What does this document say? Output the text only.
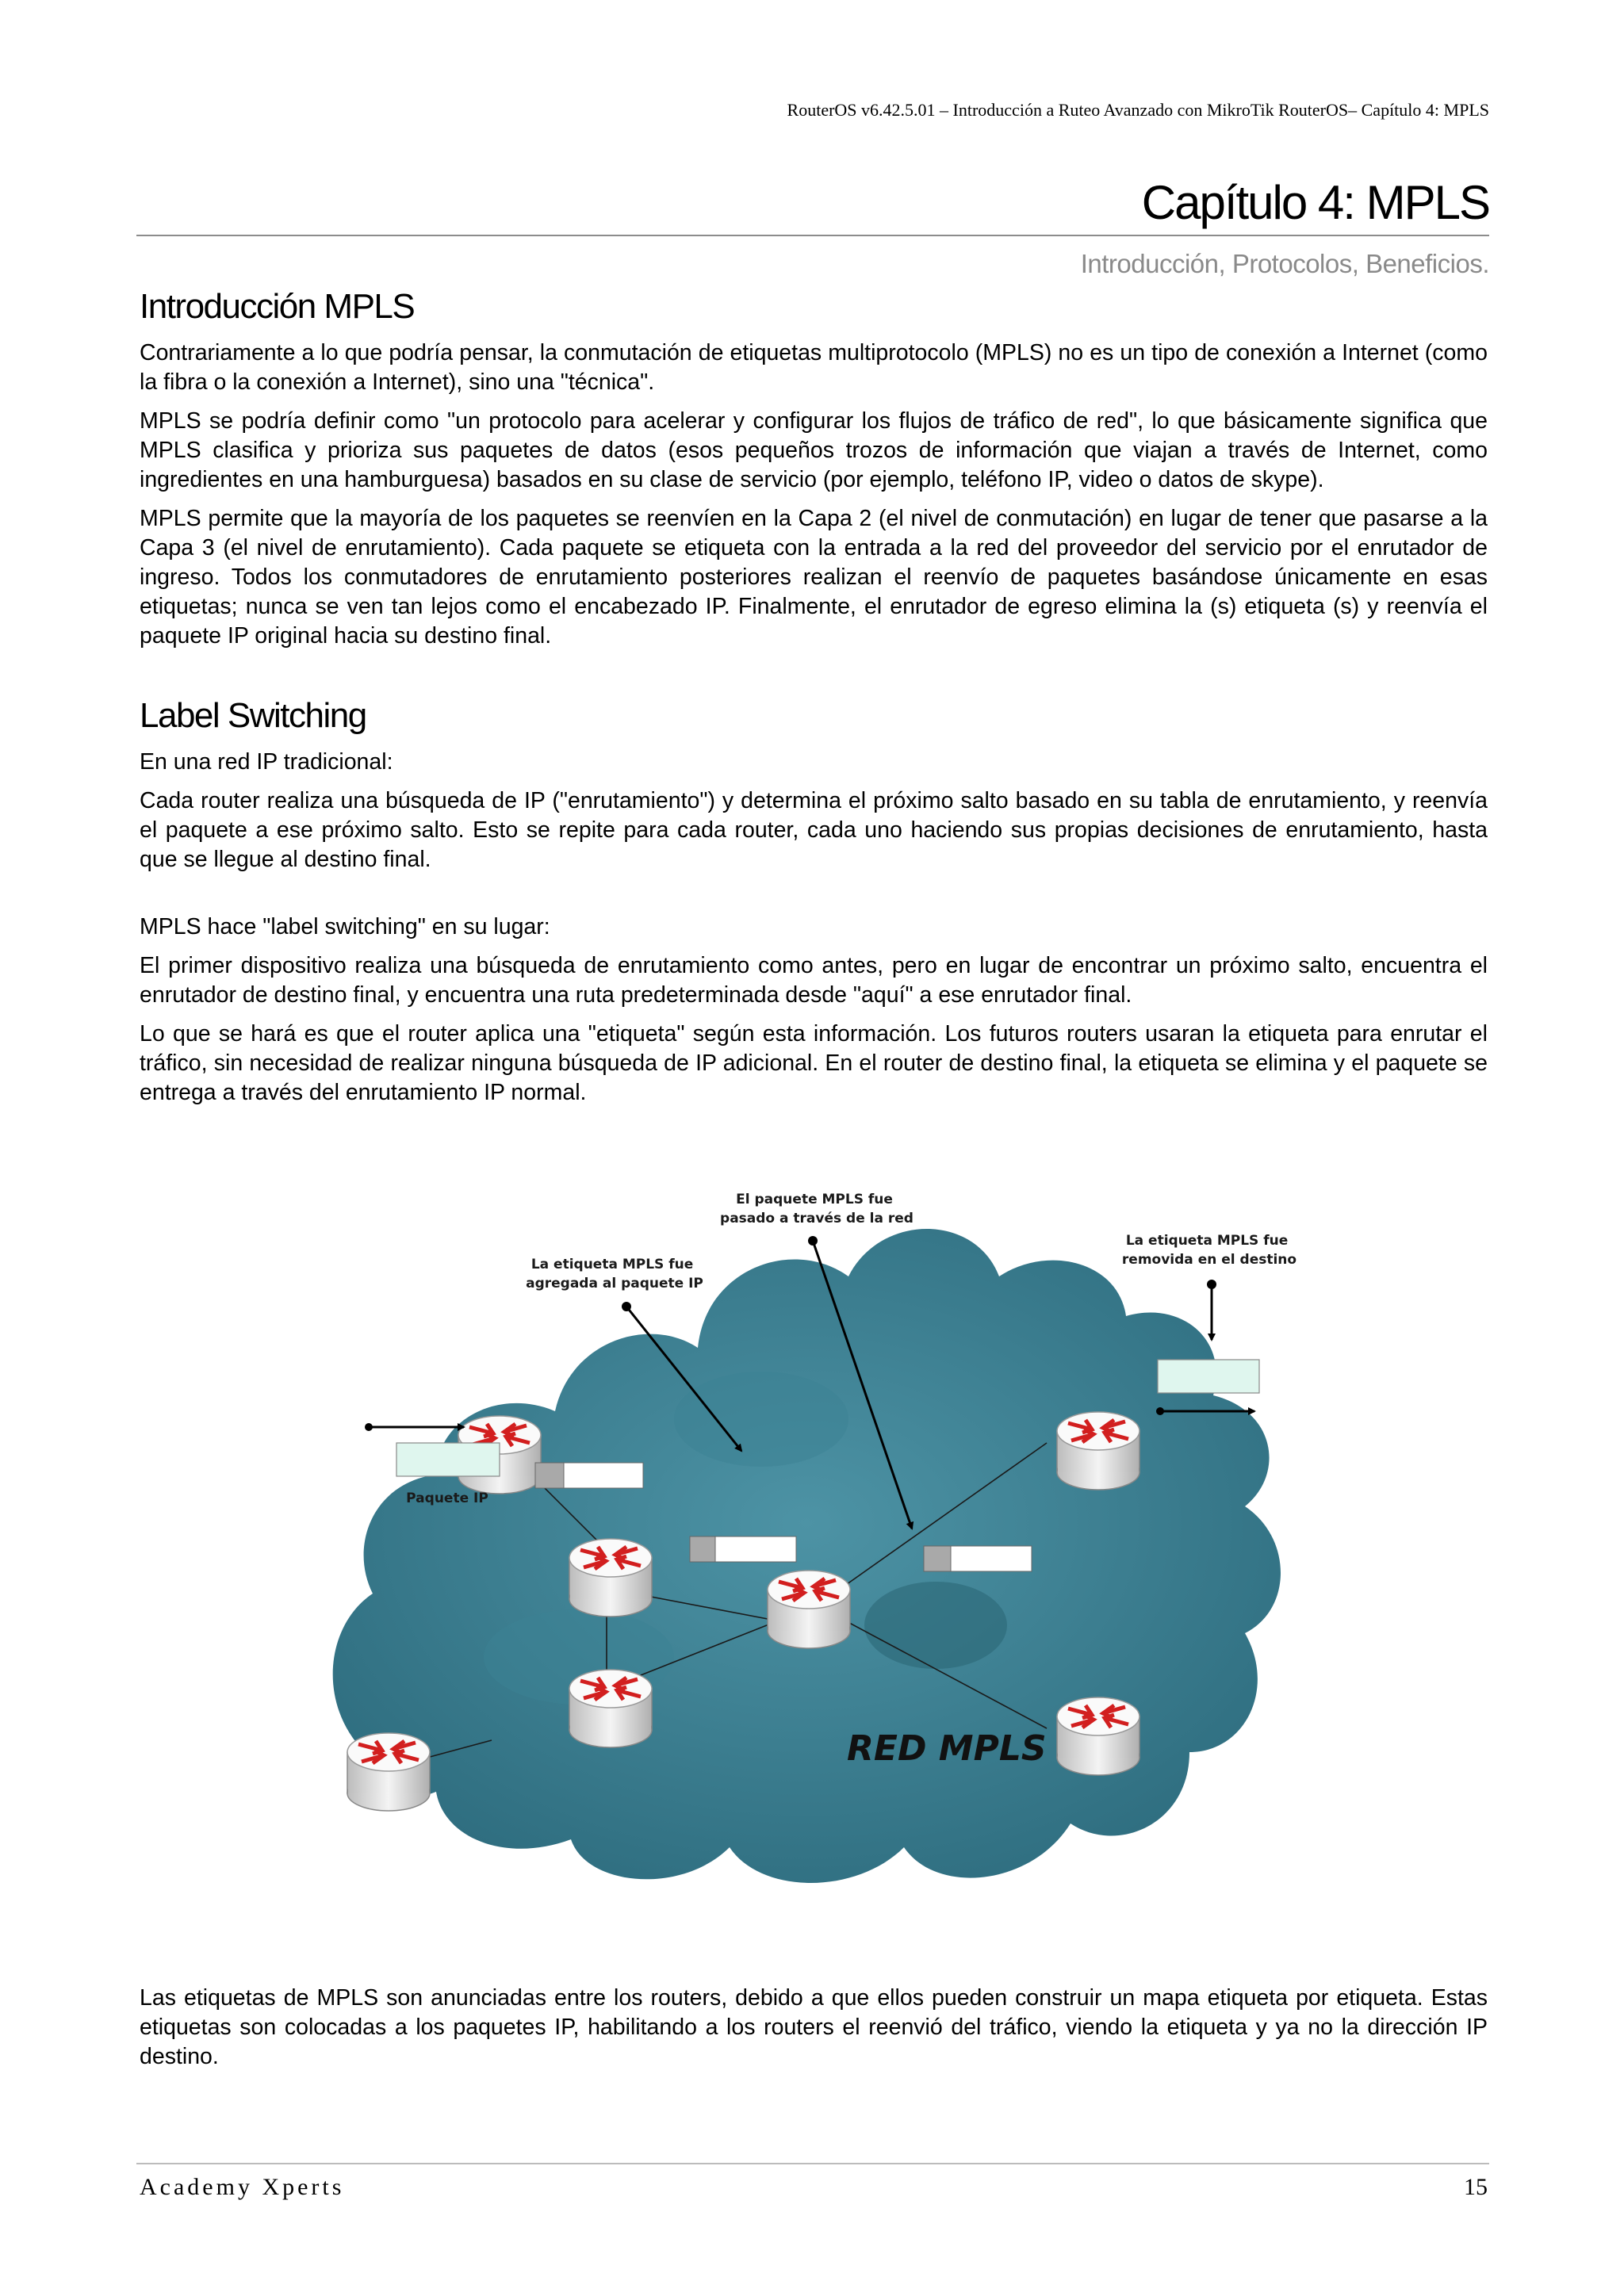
RouterOS v6.42.5.01 – Introducción a Ruteo Avanzado con MikroTik RouterOS– Capítulo 4: MPLS
Capítulo 4: MPLS
Introducción, Protocolos, Beneficios.
Introducción MPLS

Contrariamente a lo que podría pensar, la conmutación de etiquetas multiprotocolo (MPLS) no es un tipo de conexión a Internet (como la fibra o la conexión a Internet), sino una "técnica".

MPLS se podría definir como "un protocolo para acelerar y configurar los flujos de tráfico de red", lo que básicamente significa que MPLS clasifica y prioriza sus paquetes de datos (esos pequeños trozos de información que viajan a través de Internet, como ingredientes en una hamburguesa) basados en su clase de servicio (por ejemplo, teléfono IP, video o datos de skype).

MPLS permite que la mayoría de los paquetes se reenvíen en la Capa 2 (el nivel de conmutación) en lugar de tener que pasarse a la Capa 3 (el nivel de enrutamiento). Cada paquete se etiqueta con la entrada a la red del proveedor del servicio por el enrutador de ingreso. Todos los conmutadores de enrutamiento posteriores realizan el reenvío de paquetes basándose únicamente en esas etiquetas; nunca se ven tan lejos como el encabezado IP. Finalmente, el enrutador de egreso elimina la (s) etiqueta (s) y reenvía el paquete IP original hacia su destino final.

Label Switching

En una red IP tradicional:

Cada router realiza una búsqueda de IP ("enrutamiento") y determina el próximo salto basado en su tabla de enrutamiento, y reenvía el paquete a ese próximo salto. Esto se repite para cada router, cada uno haciendo sus propias decisiones de enrutamiento, hasta que se llegue al destino final.

MPLS hace "label switching" en su lugar:

El primer dispositivo realiza una búsqueda de enrutamiento como antes, pero en lugar de encontrar un próximo salto, encuentra el enrutador de destino final, y encuentra una ruta predeterminada desde "aquí" a ese enrutador final.

Lo que se hará es que el router aplica una "etiqueta" según esta información. Los futuros routers usaran la etiqueta para enrutar el tráfico, sin necesidad de realizar ninguna búsqueda de IP adicional. En el router de destino final, la etiqueta se elimina y el paquete se entrega a través del enrutamiento IP normal.

Paquete IP
La etiqueta MPLS fue agregada al paquete IP
El paquete MPLS fue pasado a través de la red
La etiqueta MPLS fue removida en el destino
RED MPLS

Las etiquetas de MPLS son anunciadas entre los routers, debido a que ellos pueden construir un mapa etiqueta por etiqueta. Estas etiquetas son colocadas a los paquetes IP, habilitando a los routers el reenvió del tráfico, viendo la etiqueta y ya no la dirección IP destino.

Academy Xperts	15
